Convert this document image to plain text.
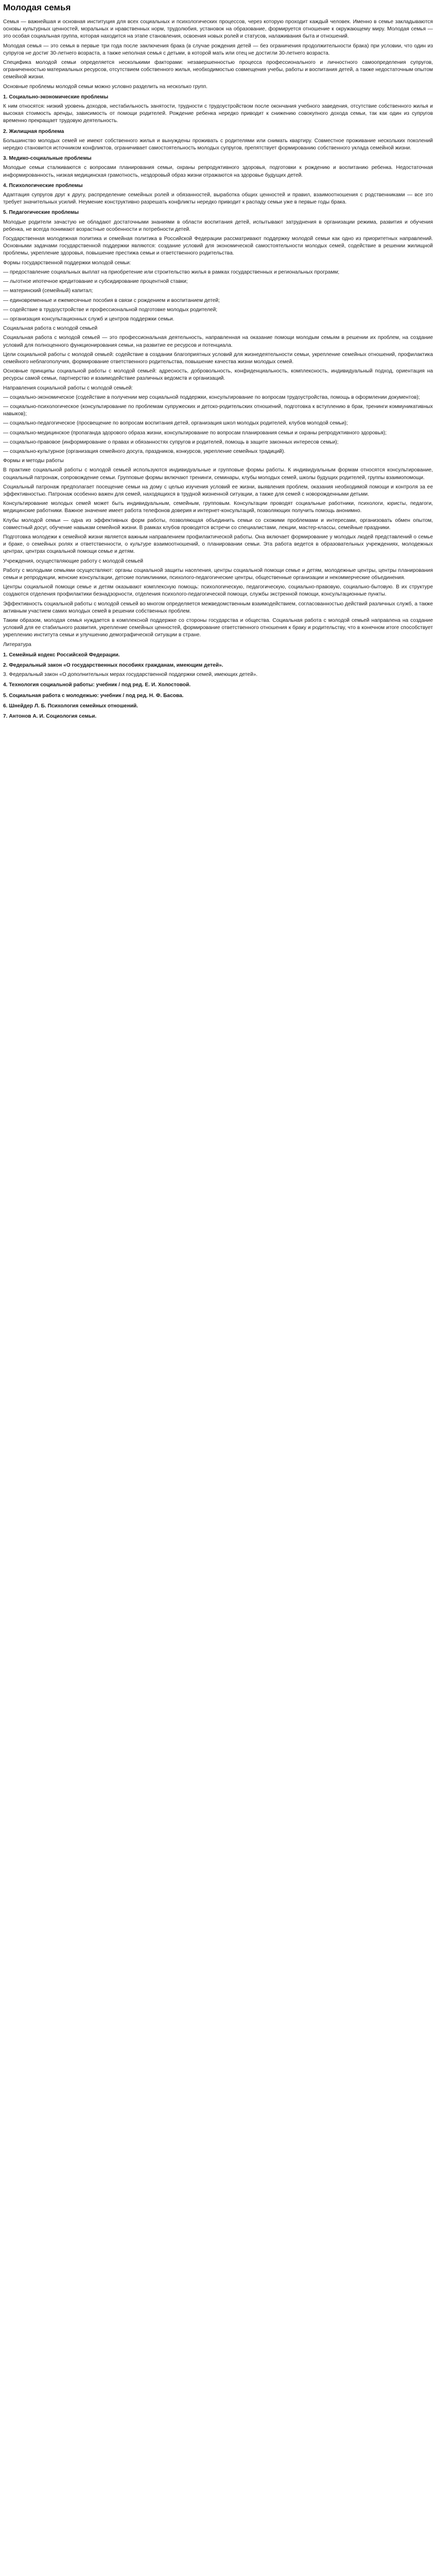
Молодая семья

Семья — важнейшая и основная институция для всех социальных и психологических процессов, через которую проходит каждый человек. Именно в семье закладываются основы культурных ценностей, моральных и нравственных норм, трудолюбия, установок на образование, формируется отношение к окружающему миру. Молодая семья — это особая социальная группа, которая находится на этапе становления, освоения новых ролей и статусов, налаживания быта и отношений.

Молодая семья — это семья в первые три года после заключения брака (в случае рождения детей — без ограничения продолжительности брака) при условии, что один из супругов не достиг 30-летнего возраста, а также неполная семья с детьми, в которой мать или отец не достигли 30-летнего возраста.

Специфика молодой семьи определяется несколькими факторами: незавершенностью процесса профессионального и личностного самоопределения супругов, ограниченностью материальных ресурсов, отсутствием собственного жилья, необходимостью совмещения учебы, работы и воспитания детей, а также недостаточным опытом семейной жизни.

Основные проблемы молодой семьи можно условно разделить на несколько групп.

1. Социально-экономические проблемы

К ним относятся: низкий уровень доходов, нестабильность занятости, трудности с трудоустройством после окончания учебного заведения, отсутствие собственного жилья и высокая стоимость аренды, зависимость от помощи родителей. Рождение ребенка нередко приводит к снижению совокупного дохода семьи, так как один из супругов временно прекращает трудовую деятельность.

2. Жилищная проблема

Большинство молодых семей не имеют собственного жилья и вынуждены проживать с родителями или снимать квартиру. Совместное проживание нескольких поколений нередко становится источником конфликтов, ограничивает самостоятельность молодых супругов, препятствует формированию собственного уклада семейной жизни.

3. Медико-социальные проблемы

Молодые семьи сталкиваются с вопросами планирования семьи, охраны репродуктивного здоровья, подготовки к рождению и воспитанию ребенка. Недостаточная информированность, низкая медицинская грамотность, нездоровый образ жизни отражаются на здоровье будущих детей.

4. Психологические проблемы

Адаптация супругов друг к другу, распределение семейных ролей и обязанностей, выработка общих ценностей и правил, взаимоотношения с родственниками — все это требует значительных усилий. Неумение конструктивно разрешать конфликты нередко приводит к распаду семьи уже в первые годы брака.

5. Педагогические проблемы

Молодые родители зачастую не обладают достаточными знаниями в области воспитания детей, испытывают затруднения в организации режима, развития и обучения ребенка, не всегда понимают возрастные особенности и потребности детей.

Государственная молодежная политика и семейная политика в Российской Федерации рассматривают поддержку молодой семьи как одно из приоритетных направлений. Основными задачами государственной поддержки являются: создание условий для экономической самостоятельности молодых семей, содействие в решении жилищной проблемы, укрепление здоровья, повышение престижа семьи и ответственного родительства.

Формы государственной поддержки молодой семьи:

— предоставление социальных выплат на приобретение или строительство жилья в рамках государственных и региональных программ;

— льготное ипотечное кредитование и субсидирование процентной ставки;

— материнский (семейный) капитал;

— единовременные и ежемесячные пособия в связи с рождением и воспитанием детей;

— содействие в трудоустройстве и профессиональной подготовке молодых родителей;

— организация консультационных служб и центров поддержки семьи.

Социальная работа с молодой семьей

Социальная работа с молодой семьей — это профессиональная деятельность, направленная на оказание помощи молодым семьям в решении их проблем, на создание условий для полноценного функционирования семьи, на развитие ее ресурсов и потенциала.

Цели социальной работы с молодой семьей: содействие в создании благоприятных условий для жизнедеятельности семьи, укрепление семейных отношений, профилактика семейного неблагополучия, формирование ответственного родительства, повышение качества жизни молодых семей.

Основные принципы социальной работы с молодой семьей: адресность, добровольность, конфиденциальность, комплексность, индивидуальный подход, ориентация на ресурсы самой семьи, партнерство и взаимодействие различных ведомств и организаций.

Направления социальной работы с молодой семьей:

— социально-экономическое (содействие в получении мер социальной поддержки, консультирование по вопросам трудоустройства, помощь в оформлении документов);

— социально-психологическое (консультирование по проблемам супружеских и детско-родительских отношений, подготовка к вступлению в брак, тренинги коммуникативных навыков);

— социально-педагогическое (просвещение по вопросам воспитания детей, организация школ молодых родителей, клубов молодой семьи);

— социально-медицинское (пропаганда здорового образа жизни, консультирование по вопросам планирования семьи и охраны репродуктивного здоровья);

— социально-правовое (информирование о правах и обязанностях супругов и родителей, помощь в защите законных интересов семьи);

— социально-культурное (организация семейного досуга, праздников, конкурсов, укрепление семейных традиций).

Формы и методы работы

В практике социальной работы с молодой семьей используются индивидуальные и групповые формы работы. К индивидуальным формам относятся консультирование, социальный патронаж, сопровождение семьи. Групповые формы включают тренинги, семинары, клубы молодых семей, школы будущих родителей, группы взаимопомощи.

Социальный патронаж предполагает посещение семьи на дому с целью изучения условий ее жизни, выявления проблем, оказания необходимой помощи и контроля за ее эффективностью. Патронаж особенно важен для семей, находящихся в трудной жизненной ситуации, а также для семей с новорожденными детьми.

Консультирование молодых семей может быть индивидуальным, семейным, групповым. Консультации проводят социальные работники, психологи, юристы, педагоги, медицинские работники. Важное значение имеет работа телефонов доверия и интернет-консультаций, позволяющих получить помощь анонимно.

Клубы молодой семьи — одна из эффективных форм работы, позволяющая объединить семьи со схожими проблемами и интересами, организовать обмен опытом, совместный досуг, обучение навыкам семейной жизни. В рамках клубов проводятся встречи со специалистами, лекции, мастер-классы, семейные праздники.

Подготовка молодежи к семейной жизни является важным направлением профилактической работы. Она включает формирование у молодых людей представлений о семье и браке, о семейных ролях и ответственности, о культуре взаимоотношений, о планировании семьи. Эта работа ведется в образовательных учреждениях, молодежных центрах, центрах социальной помощи семье и детям.

Учреждения, осуществляющие работу с молодой семьей

Работу с молодыми семьями осуществляют: органы социальной защиты населения, центры социальной помощи семье и детям, молодежные центры, центры планирования семьи и репродукции, женские консультации, детские поликлиники, психолого-педагогические центры, общественные организации и некоммерческие объединения.

Центры социальной помощи семье и детям оказывают комплексную помощь: психологическую, педагогическую, социально-правовую, социально-бытовую. В их структуре создаются отделения профилактики безнадзорности, отделения психолого-педагогической помощи, службы экстренной помощи, консультационные пункты.

Эффективность социальной работы с молодой семьей во многом определяется межведомственным взаимодействием, согласованностью действий различных служб, а также активным участием самих молодых семей в решении собственных проблем.

Таким образом, молодая семья нуждается в комплексной поддержке со стороны государства и общества. Социальная работа с молодой семьей направлена на создание условий для ее стабильного развития, укрепление семейных ценностей, формирование ответственного отношения к браку и родительству, что в конечном итоге способствует укреплению института семьи и улучшению демографической ситуации в стране.

Литература

1. Семейный кодекс Российской Федерации.

2. Федеральный закон «О государственных пособиях гражданам, имеющим детей».

3. Федеральный закон «О дополнительных мерах государственной поддержки семей, имеющих детей».

4. Технология социальной работы: учебник / под ред. Е. И. Холостовой.

5. Социальная работа с молодежью: учебник / под ред. Н. Ф. Басова.

6. Шнейдер Л. Б. Психология семейных отношений.

7. Антонов А. И. Социология семьи.
